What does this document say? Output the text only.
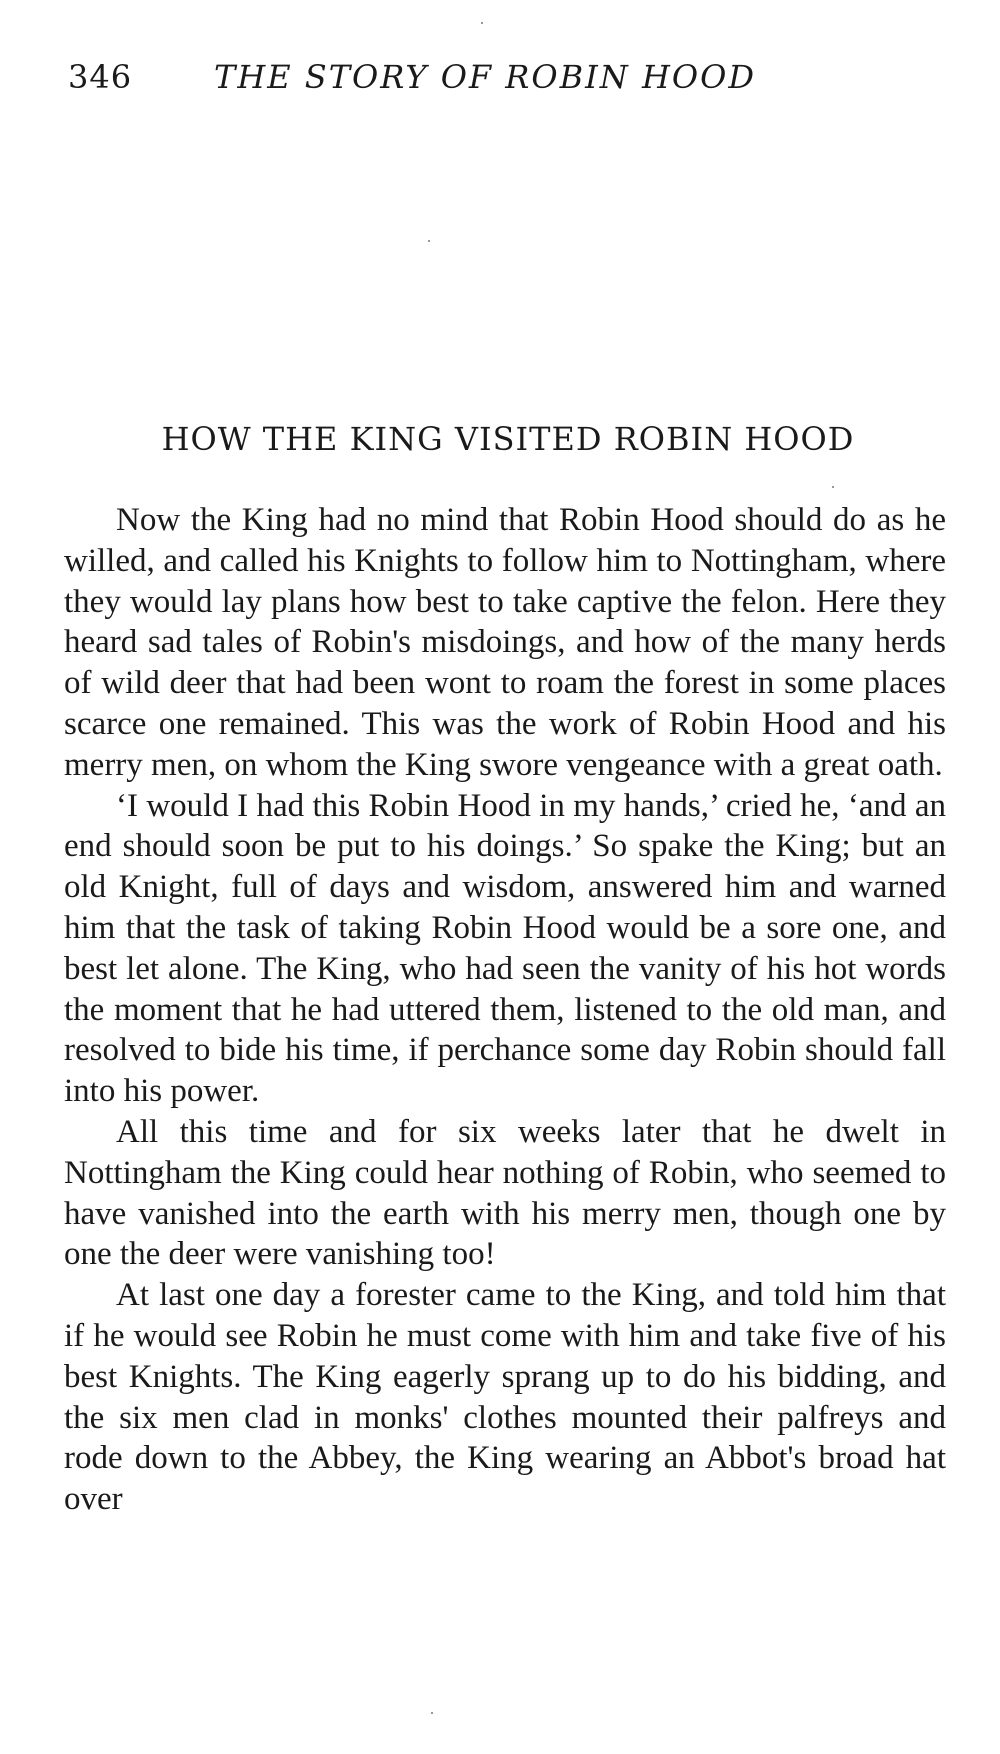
346	THE STORY OF ROBIN HOOD
HOW THE KING VISITED ROBIN HOOD

Now the King had no mind that Robin Hood should do as he willed, and called his Knights to follow him to Nottingham, where they would lay plans how best to take captive the felon. Here they heard sad tales of Robin's misdoings, and how of the many herds of wild deer that had been wont to roam the forest in some places scarce one remained. This was the work of Robin Hood and his merry men, on whom the King swore vengeance with a great oath.

‘I would I had this Robin Hood in my hands,’ cried he, ‘and an end should soon be put to his doings.’ So spake the King; but an old Knight, full of days and wisdom, answered him and warned him that the task of taking Robin Hood would be a sore one, and best let alone. The King, who had seen the vanity of his hot words the moment that he had uttered them, listened to the old man, and resolved to bide his time, if perchance some day Robin should fall into his power.

All this time and for six weeks later that he dwelt in Nottingham the King could hear nothing of Robin, who seemed to have vanished into the earth with his merry men, though one by one the deer were vanishing too!

At last one day a forester came to the King, and told him that if he would see Robin he must come with him and take five of his best Knights. The King eagerly sprang up to do his bidding, and the six men clad in monks' clothes mounted their palfreys and rode down to the Abbey, the King wearing an Abbot's broad hat over
